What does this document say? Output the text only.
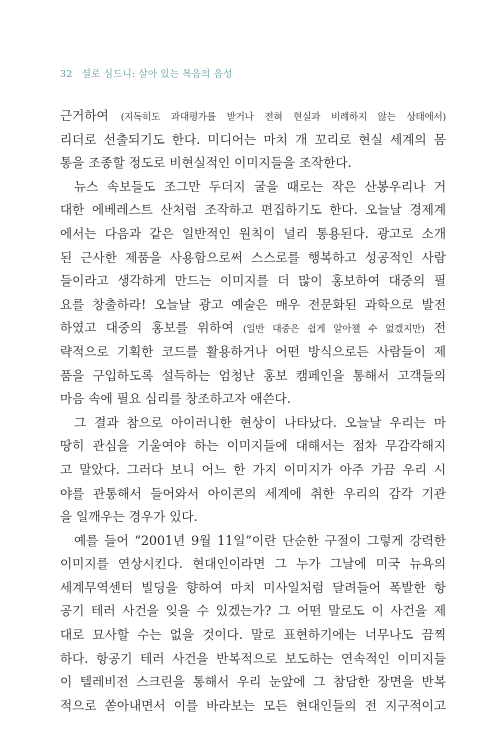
32 셜로 심드니: 살아 있는 복음의 음성
근거하여 (지독히도 과대평가를 받거나 전혀 현실과 비례하지 않는 상태에서)
리더로 선출되기도 한다. 미디어는 마치 개 꼬리로 현실 세계의 몸
통을 조종할 정도로 비현실적인 이미지들을 조작한다.
뉴스 속보들도 조그만 두더지 굴을 때로는 작은 산봉우리나 거
대한 에베레스트 산처럼 조작하고 편집하기도 한다. 오늘날 경제계
에서는 다음과 같은 일반적인 원칙이 널리 통용된다. 광고로 소개
된 근사한 제품을 사용함으로써 스스로를 행복하고 성공적인 사람
들이라고 생각하게 만드는 이미지를 더 많이 홍보하여 대중의 필
요를 창출하라! 오늘날 광고 예술은 매우 전문화된 과학으로 발전
하였고 대중의 홍보를 위하여 (일반 대중은 쉽게 알아챌 수 없겠지만) 전
략적으로 기획한 코드를 활용하거나 어떤 방식으로든 사람들이 제
품을 구입하도록 설득하는 엄청난 홍보 캠페인을 통해서 고객들의
마음 속에 필요 심리를 창조하고자 애쓴다.
그 결과 참으로 아이러니한 현상이 나타났다. 오늘날 우리는 마
땅히 관심을 기울여야 하는 이미지들에 대해서는 점차 무감각해지
고 말았다. 그러다 보니 어느 한 가지 이미지가 아주 가끔 우리 시
야를 관통해서 들어와서 아이콘의 세계에 취한 우리의 감각 기관
을 일깨우는 경우가 있다.
예를 들어 “2001년 9월 11일”이란 단순한 구절이 그렇게 강력한
이미지를 연상시킨다. 현대인이라면 그 누가 그날에 미국 뉴욕의
세계무역센터 빌딩을 향하여 마치 미사일처럼 달려들어 폭발한 항
공기 테러 사건을 잊을 수 있겠는가? 그 어떤 말로도 이 사건을 제
대로 묘사할 수는 없을 것이다. 말로 표현하기에는 너무나도 끔찍
하다. 항공기 테러 사건을 반복적으로 보도하는 연속적인 이미지들
이 텔레비전 스크린을 통해서 우리 눈앞에 그 참담한 장면을 반복
적으로 쏟아내면서 이를 바라보는 모든 현대인들의 전 지구적이고
